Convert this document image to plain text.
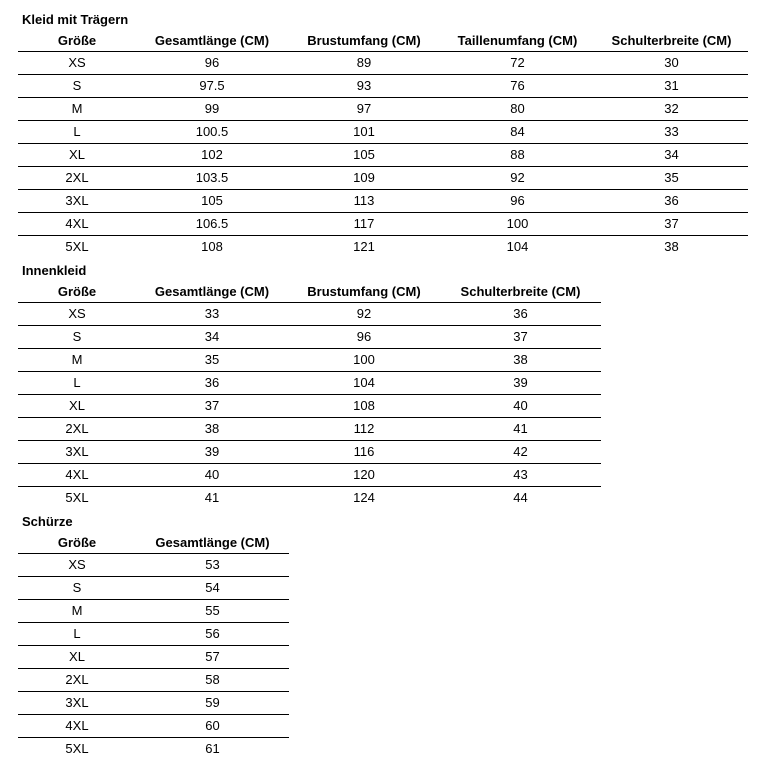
Kleid mit Trägern
Größe	Gesamtlänge (CM)	Brustumfang (CM)	Taillenumfang (CM)	Schulterbreite (CM)
XS	96	89	72	30
S	97.5	93	76	31
M	99	97	80	32
L	100.5	101	84	33
XL	102	105	88	34
2XL	103.5	109	92	35
3XL	105	113	96	36
4XL	106.5	117	100	37
5XL	108	121	104	38
Innenkleid
Größe	Gesamtlänge (CM)	Brustumfang (CM)	Schulterbreite (CM)
XS	33	92	36
S	34	96	37
M	35	100	38
L	36	104	39
XL	37	108	40
2XL	38	112	41
3XL	39	116	42
4XL	40	120	43
5XL	41	124	44
Schürze
Größe	Gesamtlänge (CM)
XS	53
S	54
M	55
L	56
XL	57
2XL	58
3XL	59
4XL	60
5XL	61
